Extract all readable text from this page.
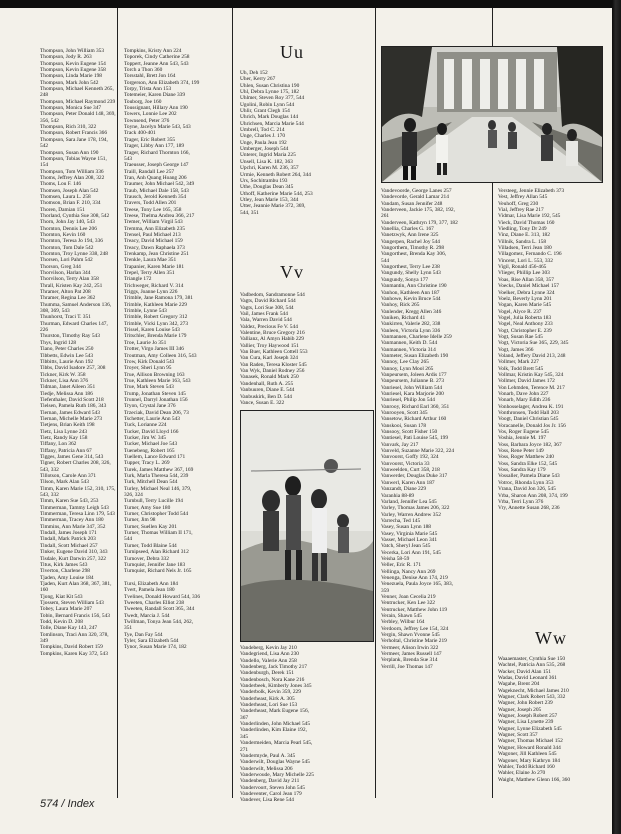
Thompson, John William 353
Thompson, Jody R. 263
Thompson, Kevin Eugene 154
Thompson, Kevin Eugene 358
Thompson, Linda Marie 198
Thompson, Mark John 542
Thompson, Michael Kenneth 265,
248
Thompson, Michael Raymond 239
Thompson, Monica Sue 347
Thompson, Peter Donald 148, 369,
356, 542
Thompson, Rich 310, 322
Thompson, Robert Francis 366
Thompson, Sara Jane 178, 194,
542
Thompson, Susan Ann 190
Thompson, Tobias Wayne 151,
154
Thompson, Tom William 336
Thoms, Jeffrey Alan 208, 322
Thoms, Lou F. 146
Thomsen, Joseph Alan 542
Thomsen, Laura L. 258
Thomson, Brian F. 210, 334
Thoren, Damian 151
Thorland, Cynthia Sue 308, 542
Thorn, John Jay 140, 543
Thornton, Dennis Lee 206
Thornton, Kevin 160
Thornton, Teresa Jo 194, 336
Thornton, Tom Dale 542
Thornton, Troy Lynne 338, 248
Thorsen, Lori Pahm 542
Thorson, Greg 344
Thorvilson, Harlan 344
Thorvilson, Terry Alan 358
Thrall, Kristen Kay 242, 251
Thramer, Alton Pat 208
Thramer, Regina Lee 362
Thumma, Samuel Anderson 136,
308, 369, 543
Thunhorst, Traci T. 351
Thurman, Edward Charles 147,
226
Thurston, Timothy Ray 543
Thys, Ingrid 128
Tiano, Peter Charles 250
Tibbetts, Edwin Lee 543
Tibbitts, Laurie Ann 192
Tibbs, David Isadore 257, 308
Tickner, Kirk W. 358
Tickner, Lisa Ann 376
Tidman, Janet Aileen 351
Tiedje, Melissa Ann 186
Tiefenthaler, David Scott 218
Tielsen, Pamela Ruth 186, 343
Tiernan, James Edward 543
Tiernan, Michelle Marie 273
Tietjens, Brian Keith 198
Tietz, Lisa Lynne 243
Tietz, Randy Kay 158
Tiffany, Lon 362
Tiffany, Patricia Ann 67
Tigges, James Gene 314, 543
Tigner, Robert Charles 208, 326,
543, 332
Tillotson, Carole Ann 371
Tilson, Mark Alan 543
Timm, Karen Marie 152, 310, 175,
543, 332
Timm, Karen Sue 543, 253
Timmerman, Tammy Leigh 543
Timmerman, Teresa Linn 179, 543
Timmerman, Tracey Ann 180
Timmins, Ann Marie 347, 352
Tindall, James Joseph 171
Tindall, Mark Patrick 203
Tindall, Scott Michael 257
Tinker, Eugene David 310, 343
Tisdale, Kurt Darwin 257, 322
Titus, Kirk James 543
Tiverton, Charlene 298
Tjaden, Amy Louise 184
Tjaden, Kurt Alan 368, 367, 381,
160
Tjong, Kiat Kit 543
Tjossem, Steven William 543
Tobey, Laura Marie 207
Tobin, Bernard Francis 156, 543
Todd, Kevin D. 208
Tolle, Diane Kay 143, 247
Tomlinson, Traci Ann 320, 378,
349
Tompkins, David Robert 159
Tompkins, Karen Kay 372, 543
Tompkins, Kristy Ann 224
Toporek, Cindy Catherine 258
Toppert, Jeanne Ann 543, 543
Torch a Thon 360
Torsstahl, Brett Jon 164
Torgerson, Ann Elizabeth 374, 199
Torpy, Trista Ann 153
Totemeier, Karen Diane 339
Touborg, Joe 160
Toussignant, Hillary Ann 190
Towers, Lonnie Lee 202
Townsend, Peter 376
Toyne, Jacelyn Marie 543, 543
Track 400-401
Trager, Eric Robert 355
Trager, Libby Ann 177, 189
Trager, Richard Thornton 166,
543
Traeusser, Joseph George 147
Traill, Randall Lee 257
Tran, Anh Quang Hoang 206
Traumer, John Michael 542, 349
Traub, Michael Dale 158, 543
Trausch, Jerold Kenneth 354
Travers, Todd Allen 201
Treese, Tony Lee 165, 358
Treese, Thelma Andrea 366, 217
Tremer, William Virgil 543
Tremma, Ann Elizabeth 235
Trensel, Paul Michael 213
Treacy, David Michael 159
Treacy, Dawn Raphaela 373
Trenkamp, Jean Christine 251
Trenkle, Laura Mae 351
Trapanier, Karen Marie 181
Trepel, Terry Allen 351
Triangle 172
Trichweger, Richard V. 314
Triggs, Joanne Lynn 226
Trimble, Jane Ramona 179, 381
Trimble, Kathleen Marie 229
Trimble, Lynne 543
Trimble, Robert Gregory 312
Trimble, Vicki Lynn 342, 273
Trissel, Karen Louise 543
Tritschler, Brenda Marie 179
Troe, Laurie Jo 351
Trotter, Virgo James III 346
Troutman, Amy Colleen 316, 543
Trow, Kirk Donald 543
Troyer, Sheri Lynn 95
True, Allison Browning 163
True, Kathleen Marie 163, 543
True, Mark Steven 543
Trump, Jonathan Steven 145
Trunnel, Darryl Jonathan 156
Tryon, Crystal Jane 376
Trzeciak, David Dean 206, 73
Tschetter, Laurie Ann 543
Tuck, Lorianne 224
Tucker, David Lloyd 166
Tucker, Jim W. 345
Tucker, Michael Joe 543
Tuenebeng, Robert 165
Tuellem, Lance Edward 171
Tupper, Tracy L. 269
Turek, James Matthew 367, 169
Turk, Marla Theresa 544, 239
Turk, Mitchell Dean 544
Turley, Michael Neal 146, 379,
326, 324
Turnbull, Terry Lucille 194
Turner, Amy Sue 180
Turner, Christopher Todd 544
Turner, Jim 98
Turner, Suellen Kay 201
Turner, Thomas William II 171,
544
Turner, Todd Blaine 544
Turnipseed, Alan Richard 312
Turnover, Debra 332
Turnquist, Jennifer Jane 183
Turnquist, Richard Nels Jr. 165

Tursi, Elizabeth Ann 184
Tvert, Pamela Jean 180
Tvelines, Donald Howard 544, 336
Tweeten, Charles Elliot 238
Tweeten, Randall Scott 365, 344
Twedt, Marcia J. 544
Twillman, Tonya Jean 544, 262,
351
Tye, Dan Fay 544
Tyler, Sara Elizabeth 544
Tynor, Susan Marie 174, 182
Uu
Uh, Deh 152
Uher, Kerry 267
Uhlen, Susan Christina 190
Uhl, Debra Lynne 175, 182
Uhlmer, Steven Roy 377, 544
Ugolini, Robin Lynn 544
Uhlir, Grant Clegh 154
Uhrich, Mark Douglas 144
Uhrichsen, Marcia Marie 544
Umbrell, Tod C. 214
Unge, Charles J. 170
Unge, Paula Jean 192
Umberger, Joseph 544
Unterer, Ingrid Maria 225
Unsell, Lisa K. 182, 363
Upchri, Karen M. 236, 357
Urmie, Kenneth Robert 264, 344
Urs, Sochitrambu 193
Uthe, Douglas Dean 345
Uthoff, Katherine Marie 544, 253
Utley, Jean Marie 153, 344
Utter, Jeannie Marie 372, 369,
544, 351
Vv
Vadbedom, Sandramonne 544
Vagts, David Richard 544
Vagts, Lori Sue 308, 544
Vail, James Frank 544
Vala, Warren David 544
Valdez, Precious Fe V. 544
Valentine, Bruce Gregory 216
Vallianz, Al Amyn Habib 229
Vallier, Troy Haywood 151
Van Buer, Kathleen Cottell 553
Van Cura, Karl Joseph 324
Van Raden, Teresa Kloster 545
Van Wyk, Daniel Rodney 256
Vanasek, Ronald Mark 250
Vandenhall, Ruth A. 255
Vanbuuren, Diane E. 544
Vanbuskirk, Ben D. 544
Vance, Susan E. 322
Vandeberg, Kevin Jay 210
Vandegriend, Lisa Ann 230
Vandello, Valerie Ann 258
Vandenberg, Jack Timothy 217
Vandenburgh, Derek 151
Vandenbosch, Nora Kane 216
Vanderbeek, Kimberly Jones 345
Vanderbolk, Kevin 359, 229
Vanderheast, Kirk A. 305
Vanderheast, Lori Sue 153
Vanderheast, Mark Eugene 156,
367
Vanderlinden, John Michael 545
Vanderlinden, Kim Elaine 192,
345
Vandermeiden, Marcia Pearl 545,
271
Vandermyde, Paul A. 345
Vanderwilt, Douglas Wayne 545
Vanderwilt, Melissa 206
Vanderwoude, Mary Michelle 225
Vandenberg, David Jay 211
Vandervoort, Steven John 545
Vandeventer, Carol Jean 179
Vandever, Lisa Rene 544
Vandevoorde, George Lanes 257
Vandevorde, Gerald Lamar 214
Vandam, Susan Jennifer 248
Vanderveen, Jackie 175, 382, 192,
261
Vanderveen, Kathryn 179, 377, 182
Vanellia, Charles G. 167
Vanetzwyk, Ann Irene 325
Vangerpen, Rachel Joy 544
Vangorthem, Timothy R. 298
Vangorthest, Brenda Kay 306,
544
Vangorthest, Terry Lee 238
Vangundy, Shelly Lynn 543
Vangundy, Sonya 177
Vanmantin, Ann Christine 190
Vanhon, Kathleen Ann 187
Vanhowe, Kevin Bruce 544
Vanhoy, Rick 265
Vanlender, Kregg Allen 346
Vaniken, Richard 41
Vankirren, Valerie 282, 338
Vanleen, Victoria Lynn 336
Vanmannen, Charlene Idelle 259
Vanmannen, Keith D. 544
Vanmannen, Victoria 314
Vanmeter, Susan Elizabeth 190
Vannoy, Lee Clay 265
Vannoy, Lynn Mool 265
Vanpeursem, Joleen Ardis 177
Vanpeursem, Julianne B. 273
Vanriesel, John William 544
Vanriesel, Kara Marjorie 200
Vanriesel, Philip Jon 544
Vanrooy, Richard Earl 360, 351
Vanrooyen, Scott 345
Vansetow, Richard Arthur 160
Vanskooi, Susan 178
Vansooy, Scott Fisher 150
Vantiesel, Pati Louise 545, 199
Vanvark, Jay 217
Vanveld, Suzanne Marie 322, 224
Vanvoorst, Goffy 192, 324
Vanvoorst, Victoria 33
Vanweelden, Curt 358, 218
Vanwerder, Douglas Duke 317
Vanwerl, Karen Ann 187
Vanzandt, Diane 229
Varanhia 88-89
Varland, Jennifer Lea 545
Varley, Thomas James 206, 322
Varley, Warren Andrew 352
Varrecha, Ted 145
Vasey, Susan Lynn 188
Vasey, Virginia Marie 545
Vasser, Michael Leon 341
Vatch, Sheryl Jean 545
Vecerka, Lori Ann 191, 545
Veisha 58-59
Veller, Eric R. 171
Vellinga, Nancy Ann 269
Venenga, Denise Ann 174, 219
Venezuela, Paula Joyce 165, 383,
359
Venner, Joan Cecelia 219
Ventrucker, Ken Lee 322
Ventrucker, Matthew John 119
Verain, Shawn 545
Verbley, Wilbur 164
Verdoorn, Jeffrey Lee 154, 324
Vergin, Shawn Yvonne 545
Verholtal, Christine Marie 219
Vermeer, Alison Irwin 322
Vermeer, James Russell 147
Verplank, Brenda Sue 314
Verrill, Joe Thomas 147
Versteeg, Jennie Elizabeth 373
Vest, Jeffrey Allan 545
Veuhoff, Greg 230
Vial, Jeffrey Rae 217
Vidmar, Lisa Marie 192, 545
Vieck, David Thomas 160
Viedling, Tony Dr 249
Vinz, Diane E. 313, 182
Villnik, Sandra L. 158
Villadsen, Terri Jean 180
Villagomez, Fernando C. 196
Vincent, Lori L. 553, 332
Vigil, Ronald 456-465
Vlieger, Phillip Lee 303
Voas, Rise Allan 358, 357
Voecks, Daniel Michael 157
Voelker, Debra Lynne 324
Voelz, Beverly Lynn 201
Vogan, Karen Marie 545
Vogel, Alyce R. 237
Vogel, Julia Roberta 183
Vogel, Neal Anthony 233
Vogt, Christopher E. 239
Vogt, Susan Rae 545
Vogt, Victoria Sue 365, 229, 345
Vogt, James 366
Voland, Jeffery David 213, 248
Vollmer, Mark 227
Volk, Todd Brett 545
Vollmar, Kristin Kay 545, 324
Vollmer, David James 172
Von Lehmden, Terence M. 217
Vonarb, Dave John 227
Vonarb, Mary Edith 236
Vonhosselager, Andrea K. 191
Vonthronsen, Todd Hall 203
Voogt, Daniel Christian 545
Voracanelle, Donald Jos Jr. 156
Vos, Roger Eugene 545
Voshia, Jennie M. 197
Voss, Barbara Joyce 182, 367
Voss, Rene Peter 149
Voss, Roger Matthew 240
Voss, Sandra Elke 152, 545
Voss, Sandra Kay 179
Vossaller, Pamela Diane 543
Votroc, Rhonda Lynn 353
Vrana, David Jon 326, 545
Vrba, Sharon Ann 208, 374, 199
Vrba, Terri Lynn 376
Vry, Annette Susan 268, 236
Ww
Waaaemaster, Cynthia Sue 150
Wachtel, Patricia Ann 535, 268
Wacker, David Alan 151
Wadas, David Leonard 361
Wagahe, Brent 204
Wageknecht, Michael James 210
Wagner, Clark Robert 543, 332
Wagner, John Robert 239
Wagner, Joseph 205
Wagner, Joseph Robert 257
Wagner, Lisa Lynette 239
Wagner, Lynne Elizabeth 545
Wagner, Scott 357
Wagner, Thomas Michael 152
Wagner, Howard Ronald 344
Wagoner, Jill Kathleen 545
Wagoner, Mary Kathryn 184
Wahler, Todd Richard 160
Wahler, Elaine Jo 270
Waight, Matthew Glenn 166, 360
574 / Index
